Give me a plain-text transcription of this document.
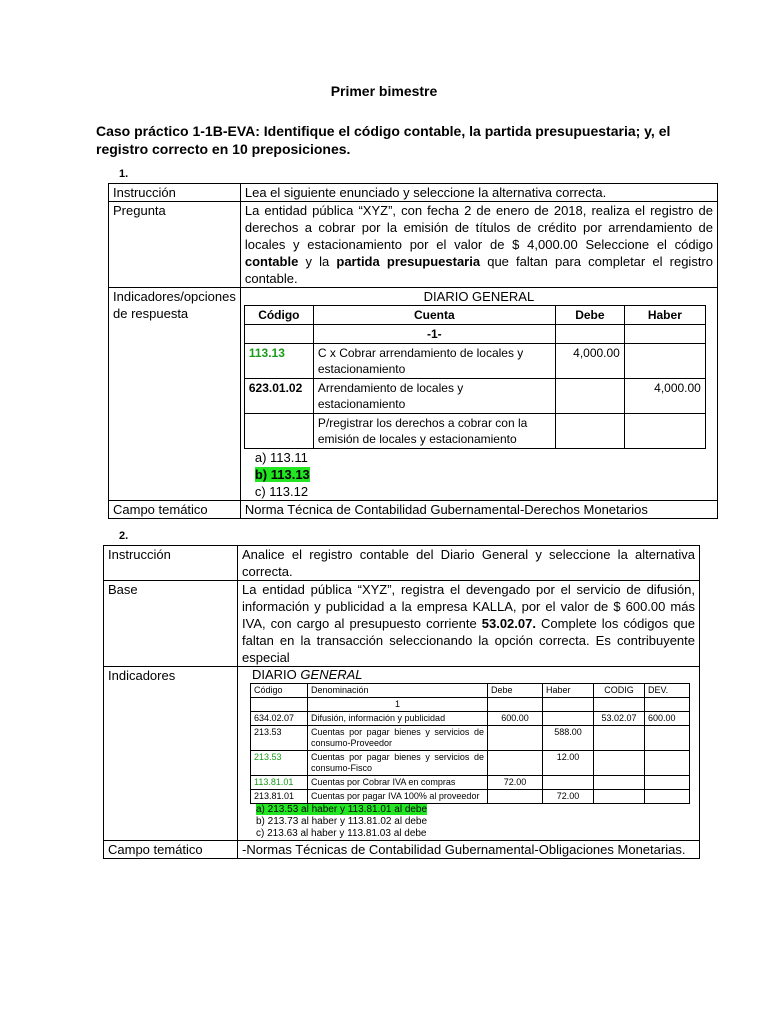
Primer bimestre
Caso práctico 1-1B-EVA: Identifique el código contable, la partida presupuestaria; y, el registro correcto en 10 preposiciones.
1.
Instrucción	Lea el siguiente enunciado y seleccione la alternativa correcta.
Pregunta	La entidad pública “XYZ”, con fecha 2 de enero de 2018, realiza el registro de derechos a cobrar por la emisión de títulos de crédito por arrendamiento de locales y estacionamiento por el valor de $ 4,000.00 Seleccione el código contable y la partida presupuestaria que faltan para completar el registro contable.
Indicadores/opciones de respuesta	
DIARIO GENERAL
Código	Cuenta	Debe	Haber
	-1-		
113.13	C x Cobrar arrendamiento de locales y estacionamiento	4,000.00	
623.01.02	Arrendamiento de locales y estacionamiento		4,000.00
	P/registrar los derechos a cobrar con la emisión de locales y estacionamiento		
a) 113.11
b) 113.13
c) 113.12

Campo temático	Norma Técnica de Contabilidad Gubernamental-Derechos Monetarios
2.
Instrucción	Analice el registro contable del Diario General y seleccione la alternativa correcta.
Base	La entidad pública “XYZ”, registra el devengado por el servicio de difusión, información y publicidad a la empresa KALLA, por el valor de $ 600.00 más IVA, con cargo al presupuesto corriente 53.02.07. Complete los códigos que faltan en la transacción seleccionando la opción correcta. Es contribuyente especial
Indicadores	DIARIO GENERAL
Código	Denominación	Debe	Haber	CODIG	DEV.
	1				
634.02.07	Difusión, información y publicidad	600.00		53.02.07	600.00
213.53	Cuentas por pagar bienes y servicios de consumo-Proveedor		588.00		
213.53	Cuentas por pagar bienes y servicios de consumo-Fisco		12.00		
113.81.01	Cuentas por Cobrar IVA en compras	72.00			
213.81.01	Cuentas por pagar IVA 100% al proveedor		72.00		
a) 213.53 al haber y 113.81.01 al debe
b) 213.73 al haber y 113.81.02 al debe
c) 213.63 al haber y 113.81.03 al debe

Campo temático	-Normas Técnicas de Contabilidad Gubernamental-Obligaciones Monetarias.
